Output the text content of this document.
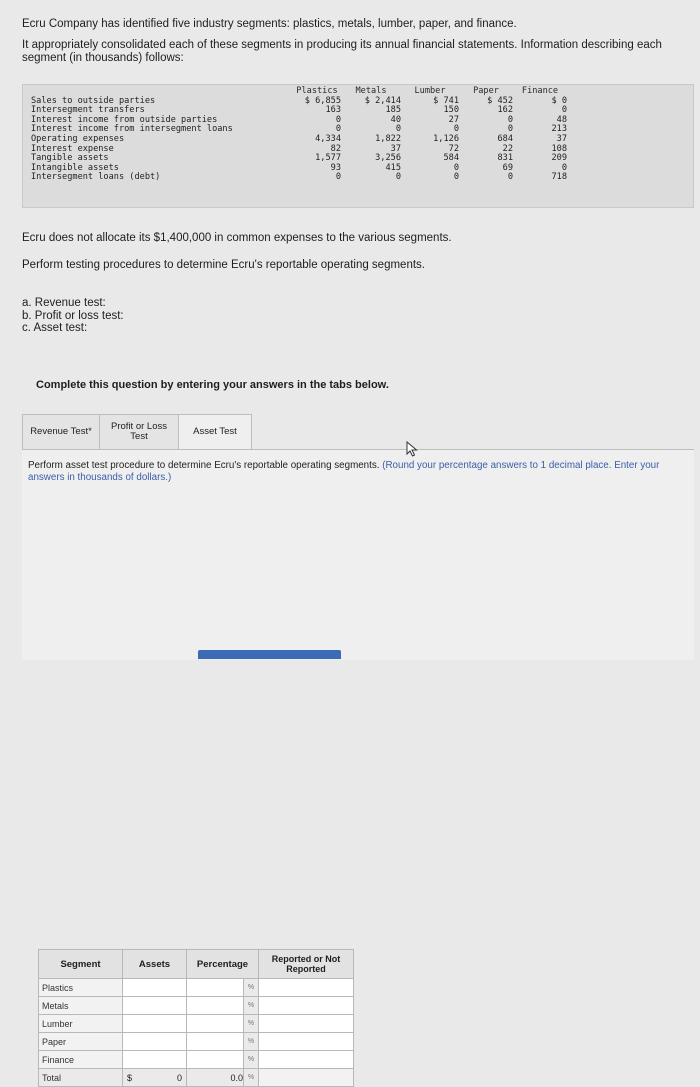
Ecru Company has identified five industry segments: plastics, metals, lumber, paper, and finance.

It appropriately consolidated each of these segments in producing its annual financial statements. Information describing each segment (in thousands) follows:

	Plastics	Metals	Lumber	Paper	Finance
Sales to outside parties	$ 6,855	$ 2,414	$ 741	$ 452	$ 0
Intersegment transfers	163	185	150	162	0
Interest income from outside parties	0	40	27	0	48
Interest income from intersegment loans	0	0	0	0	213
Operating expenses	4,334	1,822	1,126	684	37
Interest expense	82	37	72	22	108
Tangible assets	1,577	3,256	584	831	209
Intangible assets	93	415	0	69	0
Intersegment loans (debt)	0	0	0	0	718

Ecru does not allocate its $1,400,000 in common expenses to the various segments.

Perform testing procedures to determine Ecru's reportable operating segments.

a. Revenue test:
b. Profit or loss test:
c. Asset test:
Complete this question by entering your answers in the tabs below.
Revenue Test*	Profit or Loss Test	Asset Test
Segment	Assets	Percentage		Reported or Not Reported
Plastics			%	
Metals			%	
Lumber			%	
Paper			%	
Finance			%	
Total	$ 0	0.0	%	
Perform asset test procedure to determine Ecru's reportable operating segments. (Round your percentage answers to 1 decimal place. Enter your answers in thousands of dollars.)
